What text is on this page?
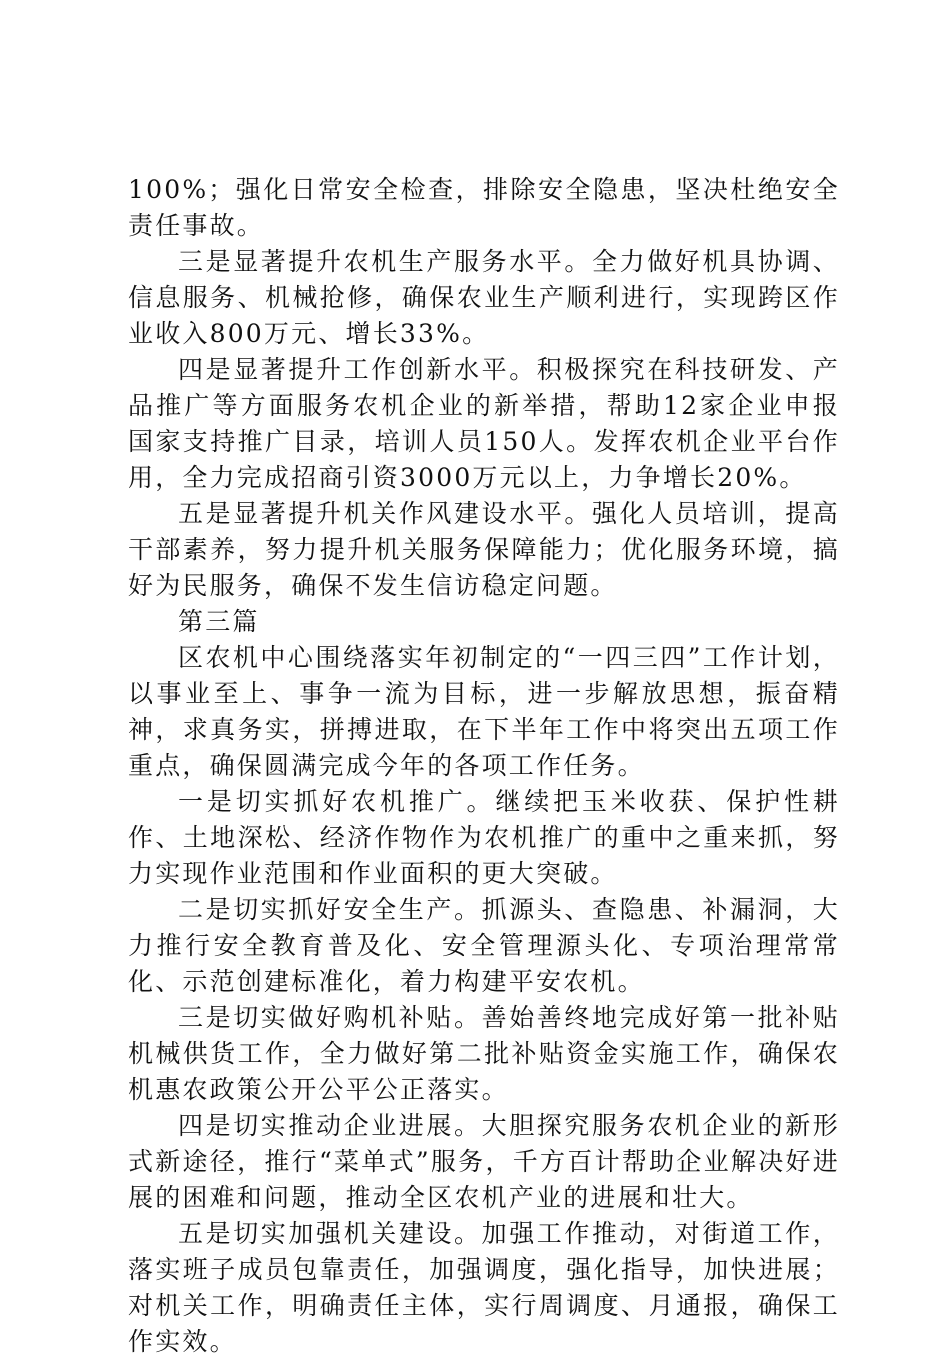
100%；强化日常安全检查，排除安全隐患，坚决杜绝安全责任事故。

三是显著提升农机生产服务水平。全力做好机具协调、信息服务、机械抢修，确保农业生产顺利进行，实现跨区作业收入800万元、增长33%。

四是显著提升工作创新水平。积极探究在科技研发、产品推广等方面服务农机企业的新举措，帮助12家企业申报国家支持推广目录，培训人员150人。发挥农机企业平台作用，全力完成招商引资3000万元以上，力争增长20%。

五是显著提升机关作风建设水平。强化人员培训，提高干部素养，努力提升机关服务保障能力；优化服务环境，搞好为民服务，确保不发生信访稳定问题。

第三篇

区农机中心围绕落实年初制定的“一四三四”工作计划，以事业至上、事争一流为目标，进一步解放思想，振奋精神，求真务实，拼搏进取，在下半年工作中将突出五项工作重点，确保圆满完成今年的各项工作任务。

一是切实抓好农机推广。继续把玉米收获、保护性耕作、土地深松、经济作物作为农机推广的重中之重来抓，努力实现作业范围和作业面积的更大突破。

二是切实抓好安全生产。抓源头、查隐患、补漏洞，大力推行安全教育普及化、安全管理源头化、专项治理常常化、示范创建标准化，着力构建平安农机。

三是切实做好购机补贴。善始善终地完成好第一批补贴机械供货工作，全力做好第二批补贴资金实施工作，确保农机惠农政策公开公平公正落实。

四是切实推动企业进展。大胆探究服务农机企业的新形式新途径，推行“菜单式”服务，千方百计帮助企业解决好进展的困难和问题，推动全区农机产业的进展和壮大。

五是切实加强机关建设。加强工作推动，对街道工作，落实班子成员包靠责任，加强调度，强化指导，加快进展；对机关工作，明确责任主体，实行周调度、月通报，确保工作实效。
